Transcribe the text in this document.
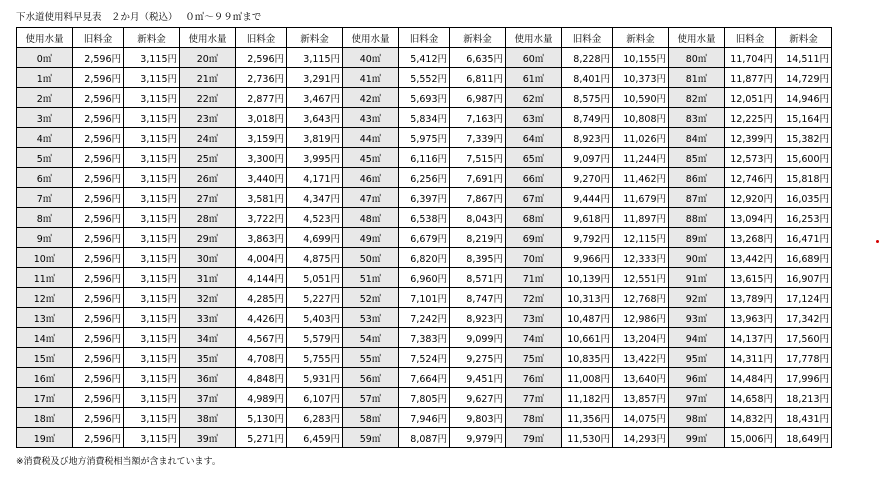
下水道使用料早見表　２か月（税込）　 ０㎥～９９㎥まで
使用水量	旧料金	新料金	使用水量	旧料金	新料金	使用水量	旧料金	新料金	使用水量	旧料金	新料金	使用水量	旧料金	新料金
0㎥	2,596円	3,115円	20㎥	2,596円	3,115円	40㎥	5,412円	6,635円	60㎥	8,228円	10,155円	80㎥	11,704円	14,511円
1㎥	2,596円	3,115円	21㎥	2,736円	3,291円	41㎥	5,552円	6,811円	61㎥	8,401円	10,373円	81㎥	11,877円	14,729円
2㎥	2,596円	3,115円	22㎥	2,877円	3,467円	42㎥	5,693円	6,987円	62㎥	8,575円	10,590円	82㎥	12,051円	14,946円
3㎥	2,596円	3,115円	23㎥	3,018円	3,643円	43㎥	5,834円	7,163円	63㎥	8,749円	10,808円	83㎥	12,225円	15,164円
4㎥	2,596円	3,115円	24㎥	3,159円	3,819円	44㎥	5,975円	7,339円	64㎥	8,923円	11,026円	84㎥	12,399円	15,382円
5㎥	2,596円	3,115円	25㎥	3,300円	3,995円	45㎥	6,116円	7,515円	65㎥	9,097円	11,244円	85㎥	12,573円	15,600円
6㎥	2,596円	3,115円	26㎥	3,440円	4,171円	46㎥	6,256円	7,691円	66㎥	9,270円	11,462円	86㎥	12,746円	15,818円
7㎥	2,596円	3,115円	27㎥	3,581円	4,347円	47㎥	6,397円	7,867円	67㎥	9,444円	11,679円	87㎥	12,920円	16,035円
8㎥	2,596円	3,115円	28㎥	3,722円	4,523円	48㎥	6,538円	8,043円	68㎥	9,618円	11,897円	88㎥	13,094円	16,253円
9㎥	2,596円	3,115円	29㎥	3,863円	4,699円	49㎥	6,679円	8,219円	69㎥	9,792円	12,115円	89㎥	13,268円	16,471円
10㎥	2,596円	3,115円	30㎥	4,004円	4,875円	50㎥	6,820円	8,395円	70㎥	9,966円	12,333円	90㎥	13,442円	16,689円
11㎥	2,596円	3,115円	31㎥	4,144円	5,051円	51㎥	6,960円	8,571円	71㎥	10,139円	12,551円	91㎥	13,615円	16,907円
12㎥	2,596円	3,115円	32㎥	4,285円	5,227円	52㎥	7,101円	8,747円	72㎥	10,313円	12,768円	92㎥	13,789円	17,124円
13㎥	2,596円	3,115円	33㎥	4,426円	5,403円	53㎥	7,242円	8,923円	73㎥	10,487円	12,986円	93㎥	13,963円	17,342円
14㎥	2,596円	3,115円	34㎥	4,567円	5,579円	54㎥	7,383円	9,099円	74㎥	10,661円	13,204円	94㎥	14,137円	17,560円
15㎥	2,596円	3,115円	35㎥	4,708円	5,755円	55㎥	7,524円	9,275円	75㎥	10,835円	13,422円	95㎥	14,311円	17,778円
16㎥	2,596円	3,115円	36㎥	4,848円	5,931円	56㎥	7,664円	9,451円	76㎥	11,008円	13,640円	96㎥	14,484円	17,996円
17㎥	2,596円	3,115円	37㎥	4,989円	6,107円	57㎥	7,805円	9,627円	77㎥	11,182円	13,857円	97㎥	14,658円	18,213円
18㎥	2,596円	3,115円	38㎥	5,130円	6,283円	58㎥	7,946円	9,803円	78㎥	11,356円	14,075円	98㎥	14,832円	18,431円
19㎥	2,596円	3,115円	39㎥	5,271円	6,459円	59㎥	8,087円	9,979円	79㎥	11,530円	14,293円	99㎥	15,006円	18,649円
※消費税及び地方消費税相当額が含まれています。
